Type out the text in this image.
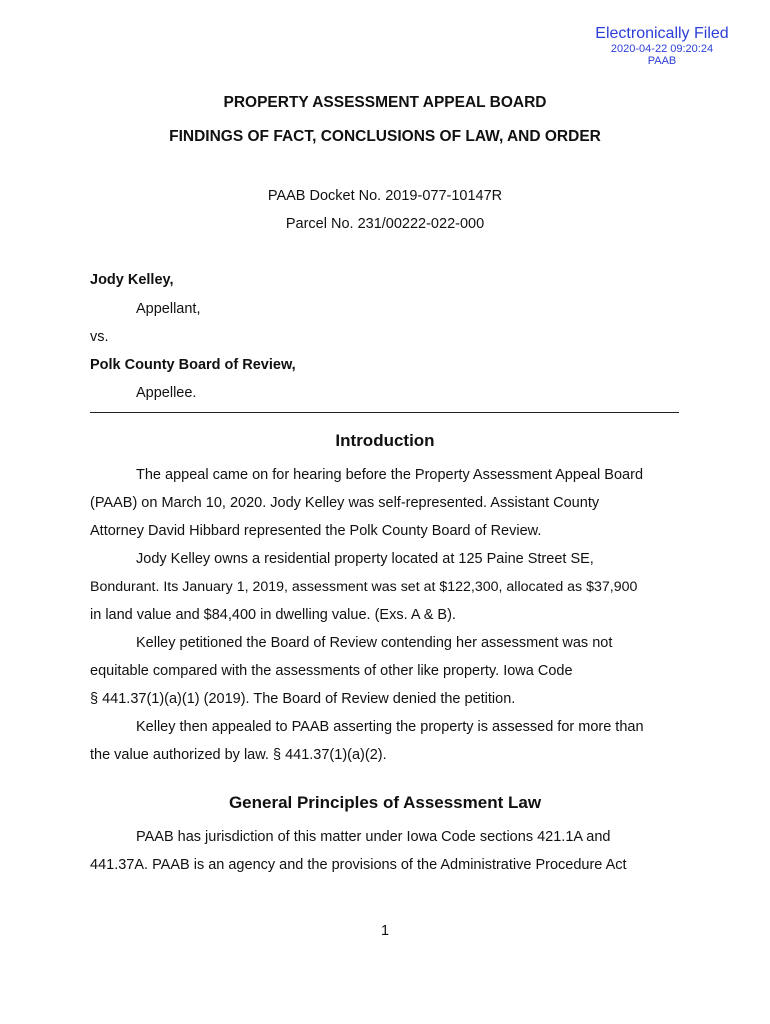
Electronically Filed
2020-04-22 09:20:24
PAAB
PROPERTY ASSESSMENT APPEAL BOARD
FINDINGS OF FACT, CONCLUSIONS OF LAW, AND ORDER
PAAB Docket No. 2019-077-10147R
Parcel No. 231/00222-022-000
Jody Kelley,
Appellant,
vs.
Polk County Board of Review,
Appellee.
Introduction
The appeal came on for hearing before the Property Assessment Appeal Board
(PAAB) on March 10, 2020. Jody Kelley was self-represented. Assistant County
Attorney David Hibbard represented the Polk County Board of Review.
Jody Kelley owns a residential property located at 125 Paine Street SE,
Bondurant. Its January 1, 2019, assessment was set at $122,300, allocated as $37,900
in land value and $84,400 in dwelling value. (Exs. A & B).
Kelley petitioned the Board of Review contending her assessment was not
equitable compared with the assessments of other like property. Iowa Code
§ 441.37(1)(a)(1) (2019). The Board of Review denied the petition.
Kelley then appealed to PAAB asserting the property is assessed for more than
the value authorized by law. § 441.37(1)(a)(2).
General Principles of Assessment Law
PAAB has jurisdiction of this matter under Iowa Code sections 421.1A and
441.37A. PAAB is an agency and the provisions of the Administrative Procedure Act
1
